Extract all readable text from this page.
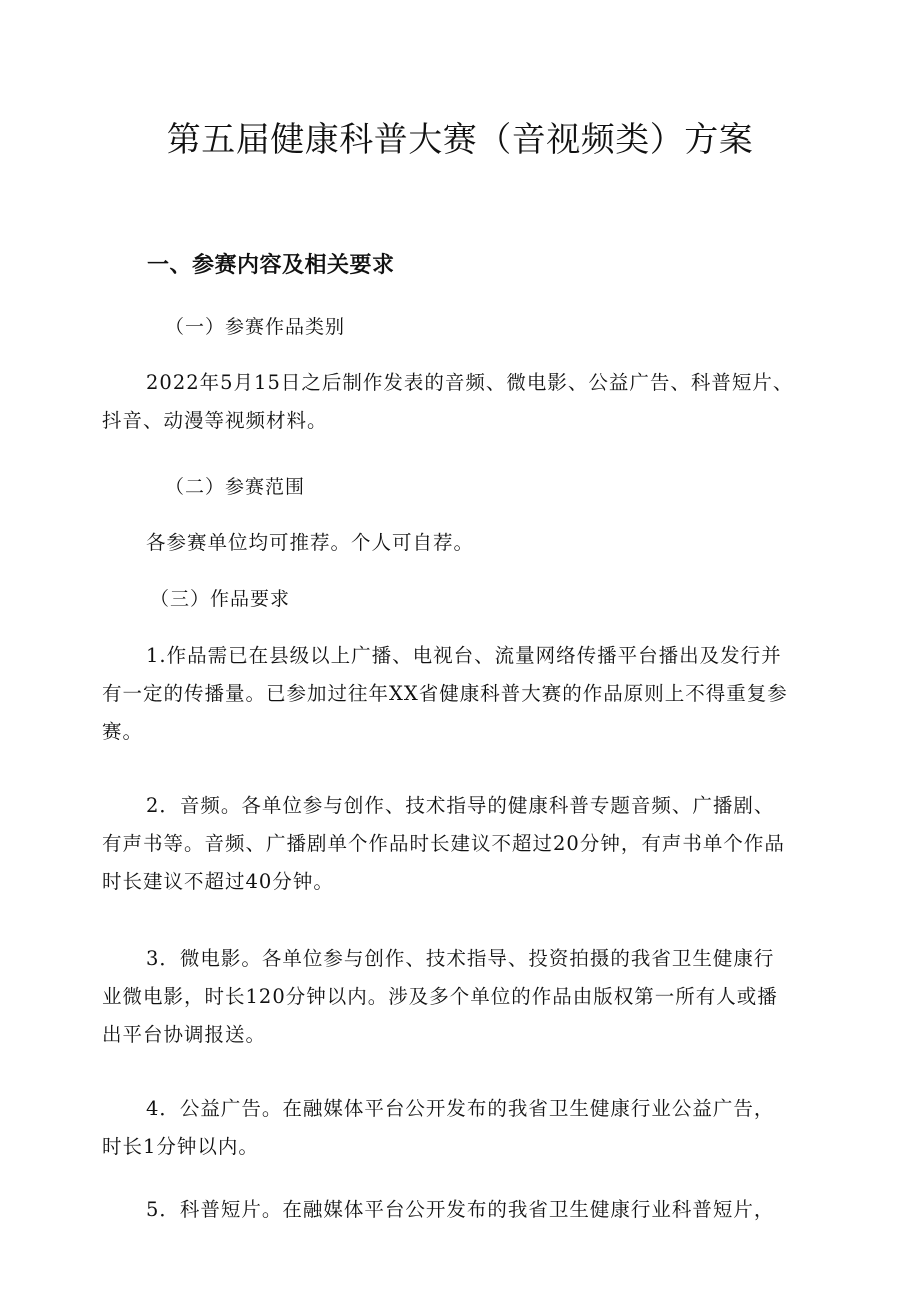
第五届健康科普大赛（音视频类）方案
一、参赛内容及相关要求
（一）参赛作品类别
2022年5月15日之后制作发表的音频、微电影、公益广告、科普短片、
抖音、动漫等视频材料。
（二）参赛范围
各参赛单位均可推荐。个人可自荐。
（三）作品要求
1.作品需已在县级以上广播、电视台、流量网络传播平台播出及发行并
有一定的传播量。已参加过往年XX省健康科普大赛的作品原则上不得重复参
赛。
2．音频。各单位参与创作、技术指导的健康科普专题音频、广播剧、
有声书等。音频、广播剧单个作品时长建议不超过20分钟，有声书单个作品
时长建议不超过40分钟。
3．微电影。各单位参与创作、技术指导、投资拍摄的我省卫生健康行
业微电影，时长120分钟以内。涉及多个单位的作品由版权第一所有人或播
出平台协调报送。
4．公益广告。在融媒体平台公开发布的我省卫生健康行业公益广告，
时长1分钟以内。
5．科普短片。在融媒体平台公开发布的我省卫生健康行业科普短片，
